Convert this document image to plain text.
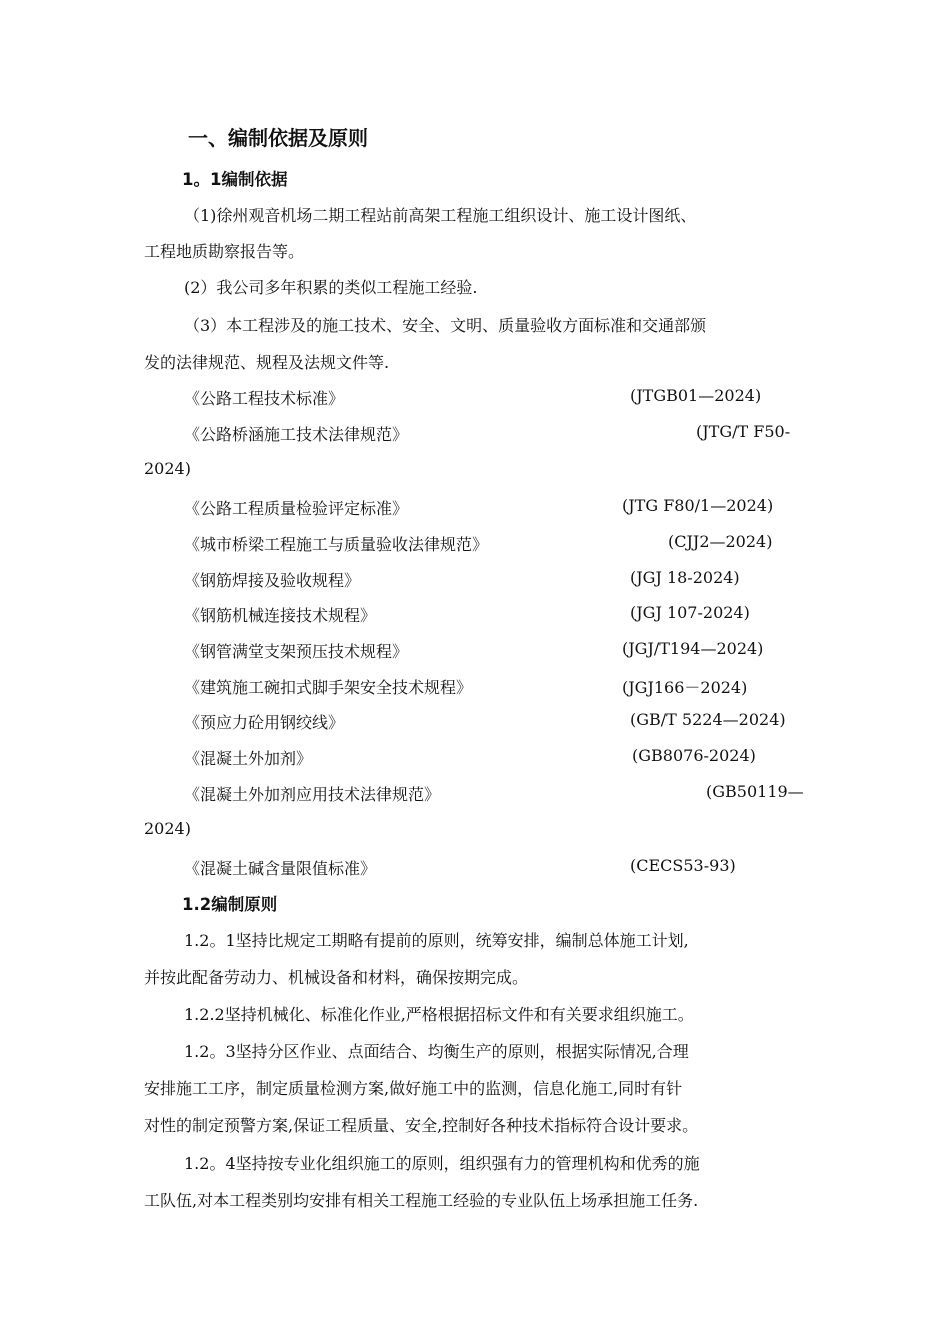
一、编制依据及原则
1。1编制依据
（1)徐州观音机场二期工程站前高架工程施工组织设计、施工设计图纸、
工程地质勘察报告等。
(2）我公司多年积累的类似工程施工经验.
（3）本工程涉及的施工技术、安全、文明、质量验收方面标准和交通部颁
发的法律规范、规程及法规文件等.
《公路工程技术标准》	(JTGB01—2024)
《公路桥涵施工技术法律规范》	(JTG/T F50-
2024)
《公路工程质量检验评定标准》	(JTG F80/1—2024)
《城市桥梁工程施工与质量验收法律规范》	(CJJ2—2024)
《钢筋焊接及验收规程》	(JGJ 18-2024)
《钢筋机械连接技术规程》	(JGJ 107-2024)
《钢管满堂支架预压技术规程》	(JGJ/T194—2024)
《建筑施工碗扣式脚手架安全技术规程》	(JGJ166－2024)
《预应力砼用钢绞线》	(GB/T 5224—2024)
《混凝土外加剂》	(GB8076-2024)
《混凝土外加剂应用技术法律规范》	(GB50119—
2024)
《混凝土碱含量限值标准》	(CECS53-93)
1.2编制原则
1.2。1坚持比规定工期略有提前的原则，统筹安排，编制总体施工计划,
并按此配备劳动力、机械设备和材料，确保按期完成。
1.2.2坚持机械化、标准化作业,严格根据招标文件和有关要求组织施工。
1.2。3坚持分区作业、点面结合、均衡生产的原则，根据实际情况,合理
安排施工工序，制定质量检测方案,做好施工中的监测，信息化施工,同时有针
对性的制定预警方案,保证工程质量、安全,控制好各种技术指标符合设计要求。
1.2。4坚持按专业化组织施工的原则，组织强有力的管理机构和优秀的施
工队伍,对本工程类别均安排有相关工程施工经验的专业队伍上场承担施工任务.
